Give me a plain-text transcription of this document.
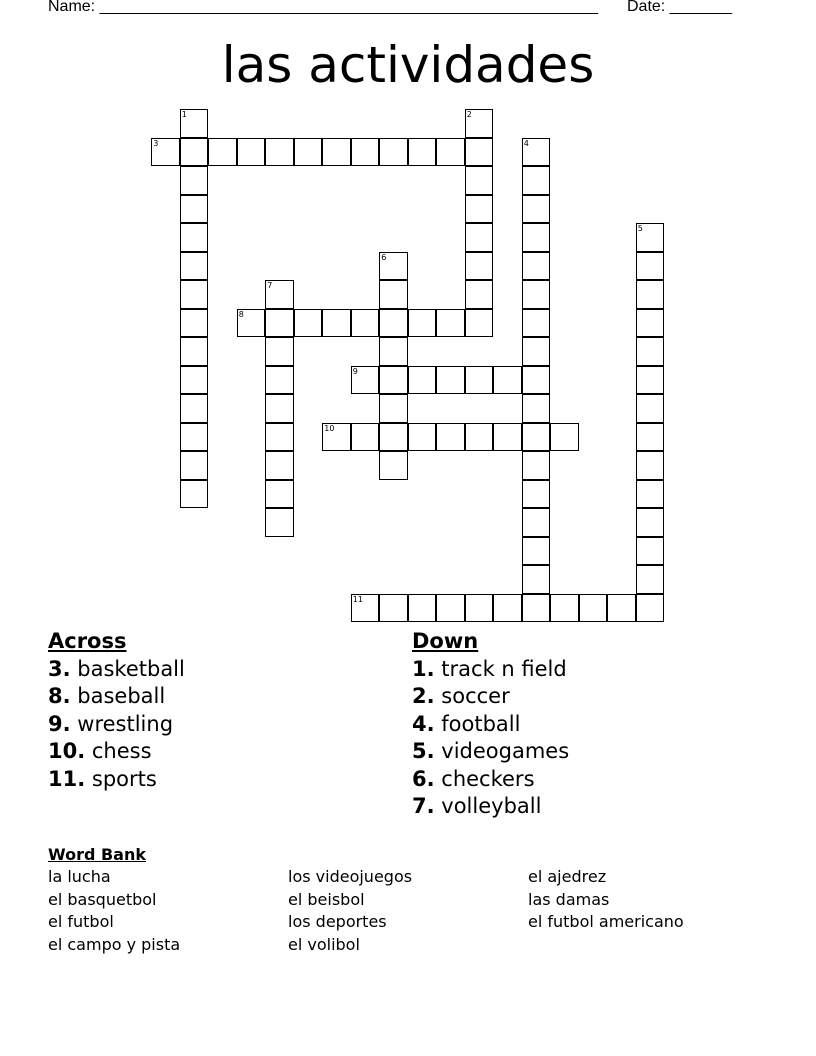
Name: ________________________________________________________ Date: _______
las actividades
3
8
9
10
11
1	2
4
5
6
7
Across
3. basketball
8. baseball
9. wrestling
10. chess
11. sports
Down
1. track n field
2. soccer
4. football
5. videogames
6. checkers
7. volleyball
Word Bank
la lucha
el basquetbol
el futbol
el campo y pista
los videojuegos
el beisbol
los deportes
el volibol
el ajedrez
las damas
el futbol americano
